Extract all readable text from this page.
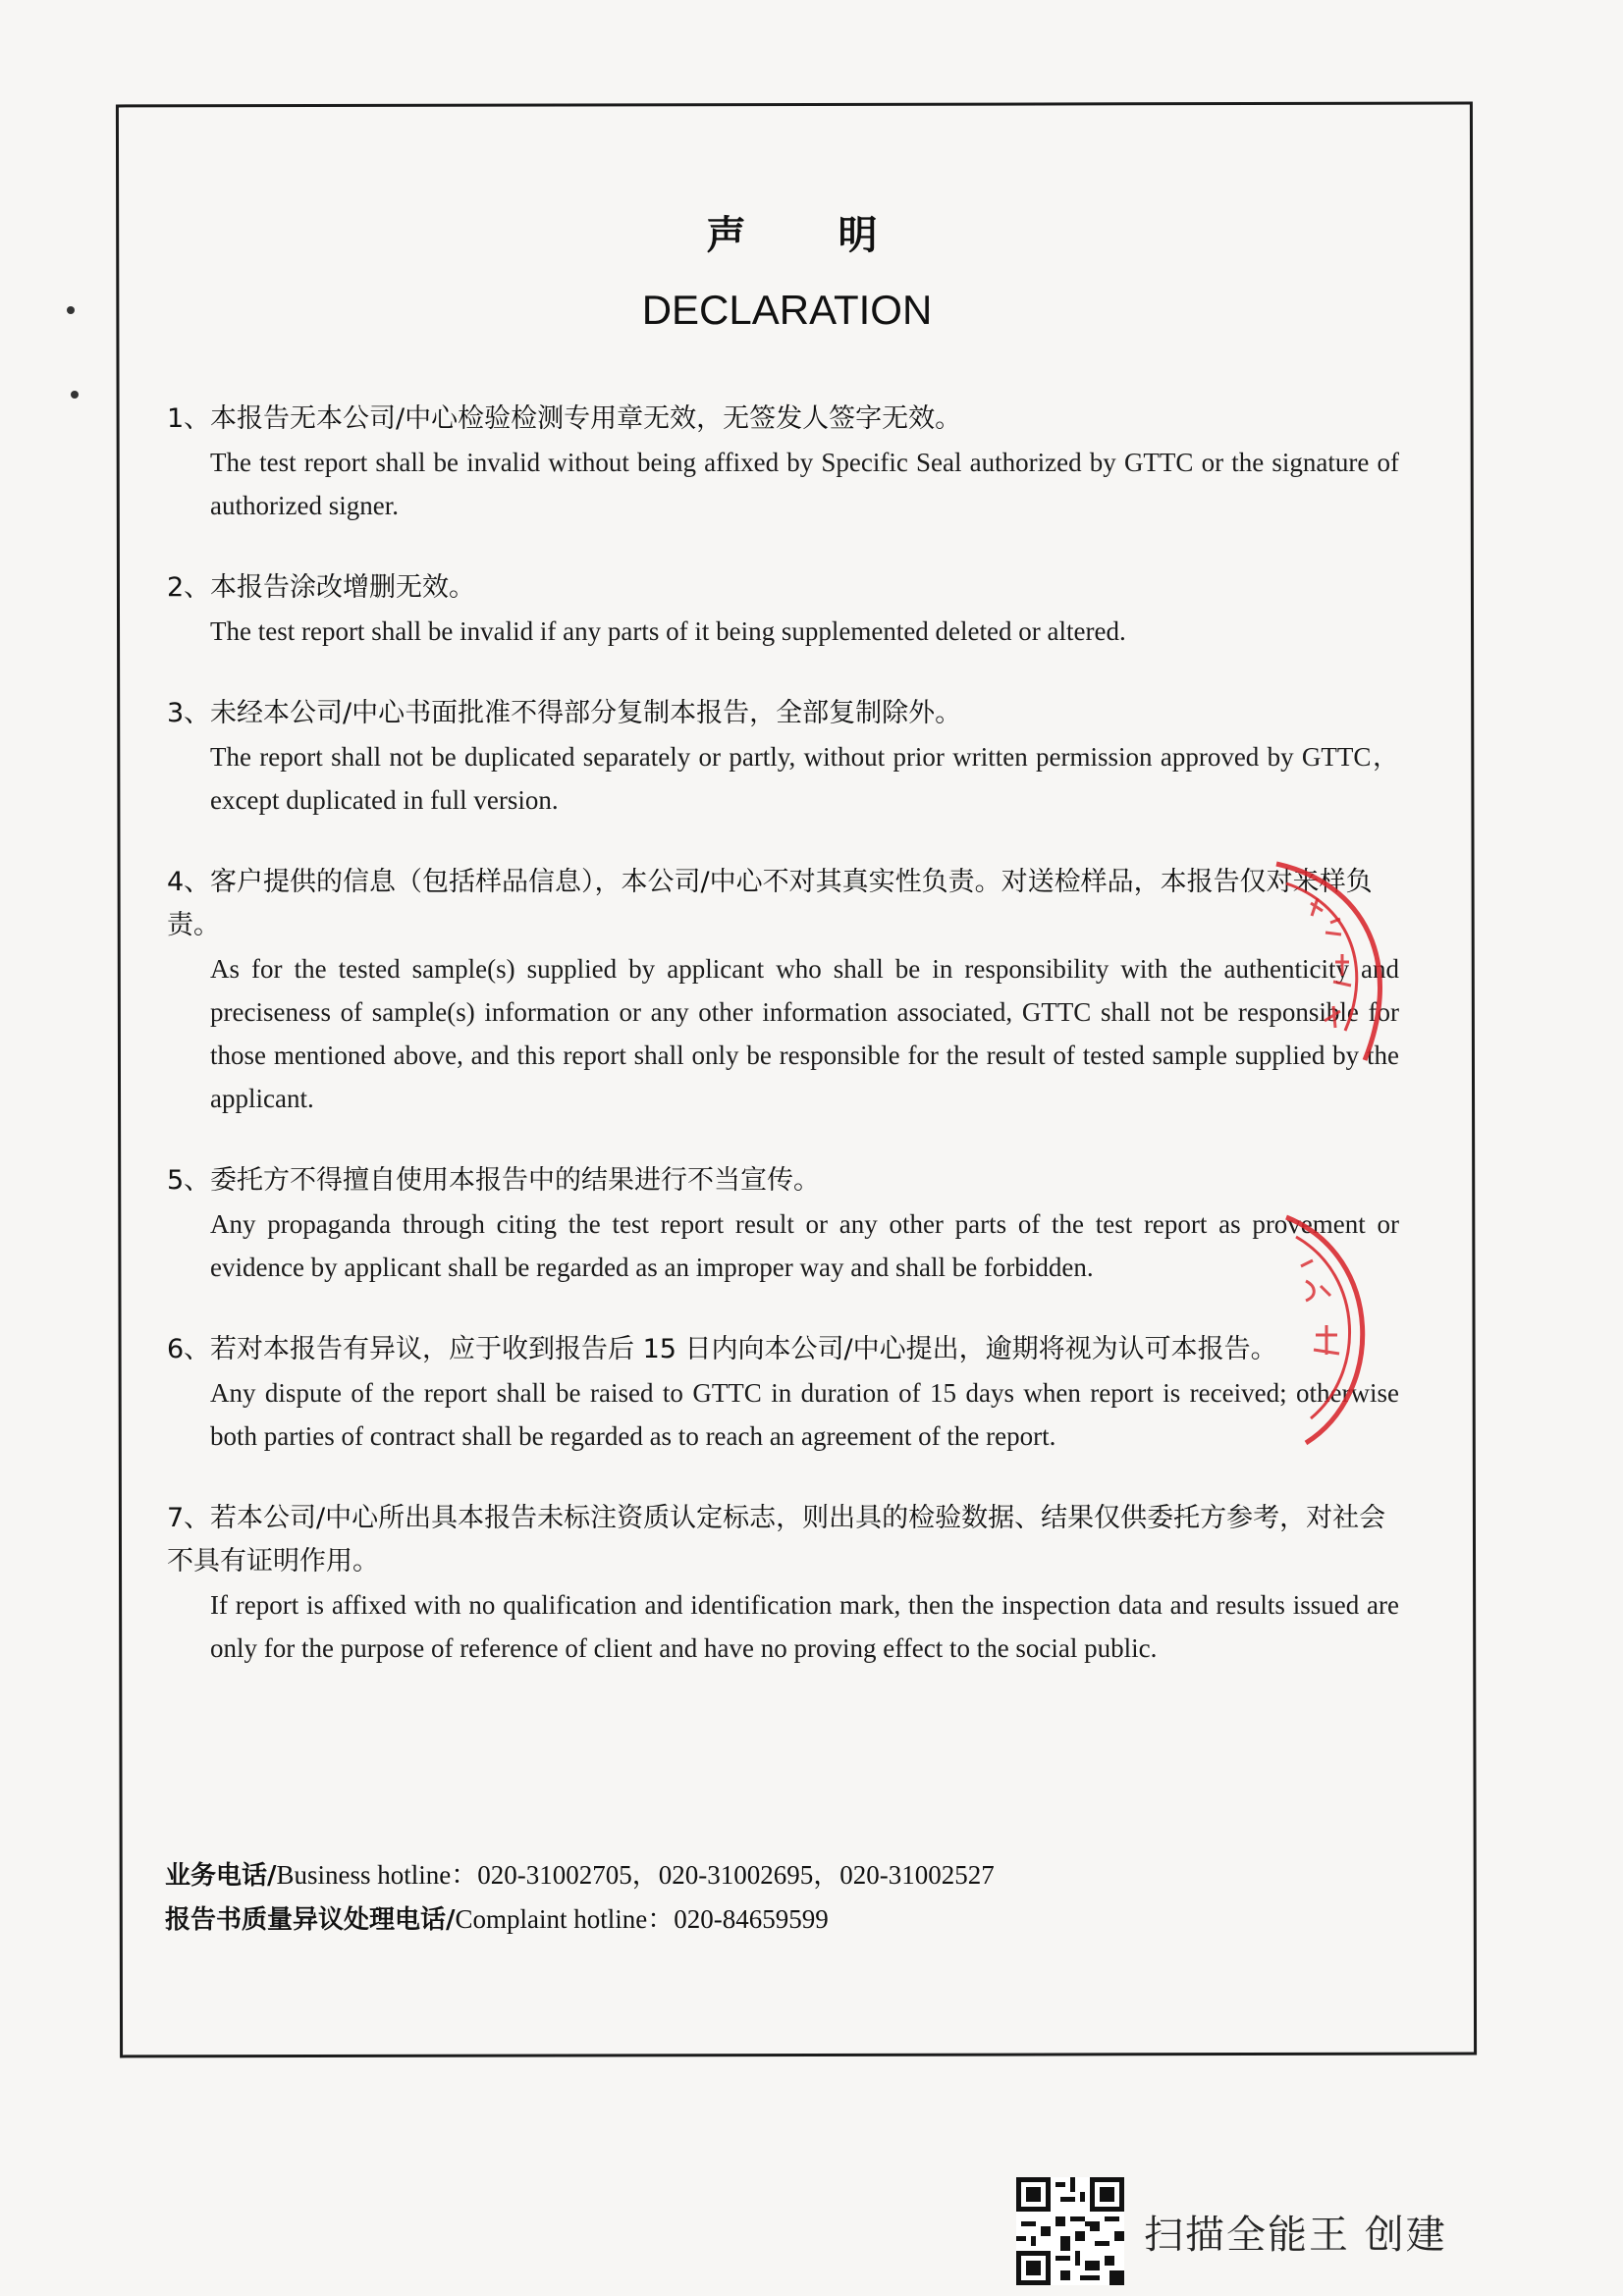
声 明
DECLARATION
1、本报告无本公司/中心检验检测专用章无效，无签发人签字无效。
The test report shall be invalid without being affixed by Specific Seal authorized by GTTC or the signature of authorized signer.
2、本报告涂改增删无效。
The test report shall be invalid if any parts of it being supplemented deleted or altered.
3、未经本公司/中心书面批准不得部分复制本报告，全部复制除外。
The report shall not be duplicated separately or partly, without prior written permission approved by GTTC，except duplicated in full version.
4、客户提供的信息（包括样品信息），本公司/中心不对其真实性负责。对送检样品，本报告仅对来样负责。
As for the tested sample(s) supplied by applicant who shall be in responsibility with the authenticity and preciseness of sample(s) information or any other information associated, GTTC shall not be responsible for those mentioned above, and this report shall only be responsible for the result of tested sample supplied by the applicant.
5、委托方不得擅自使用本报告中的结果进行不当宣传。
Any propaganda through citing the test report result or any other parts of the test report as provement or evidence by applicant shall be regarded as an improper way and shall be forbidden.
6、若对本报告有异议，应于收到报告后 15 日内向本公司/中心提出，逾期将视为认可本报告。
Any dispute of the report shall be raised to GTTC in duration of 15 days when report is received; otherwise both parties of contract shall be regarded as to reach an agreement of the report.
7、若本公司/中心所出具本报告未标注资质认定标志，则出具的检验数据、结果仅供委托方参考，对社会不具有证明作用。
If report is affixed with no qualification and identification mark, then the inspection data and results issued are only for the purpose of reference of client and have no proving effect to the social public.
业务电话/Business hotline：020-31002705，020-31002695，020-31002527
报告书质量异议处理电话/Complaint hotline：020-84659599
扫描全能王 创建
